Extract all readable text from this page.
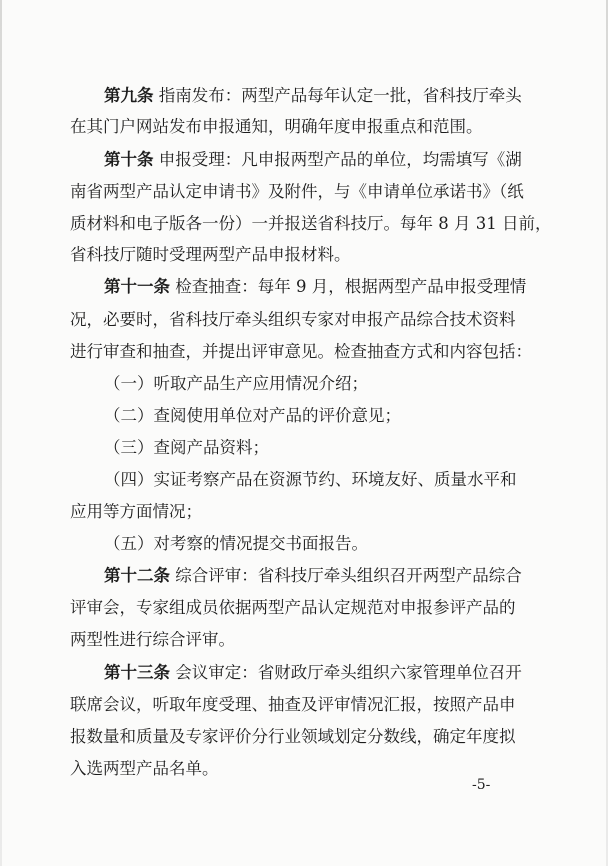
第九条 指南发布：两型产品每年认定一批，省科技厅牵头
在其门户网站发布申报通知，明确年度申报重点和范围。
第十条 申报受理：凡申报两型产品的单位，均需填写《湖
南省两型产品认定申请书》及附件，与《申请单位承诺书》（纸
质材料和电子版各一份）一并报送省科技厅。每年 8 月 31 日前，
省科技厅随时受理两型产品申报材料。
第十一条 检查抽查：每年 9 月，根据两型产品申报受理情
况，必要时，省科技厅牵头组织专家对申报产品综合技术资料
进行审查和抽查，并提出评审意见。检查抽查方式和内容包括：
（一）听取产品生产应用情况介绍；
（二）查阅使用单位对产品的评价意见；
（三）查阅产品资料；
（四）实证考察产品在资源节约、环境友好、质量水平和
应用等方面情况；
（五）对考察的情况提交书面报告。
第十二条 综合评审：省科技厅牵头组织召开两型产品综合
评审会，专家组成员依据两型产品认定规范对申报参评产品的
两型性进行综合评审。
第十三条 会议审定：省财政厅牵头组织六家管理单位召开
联席会议，听取年度受理、抽查及评审情况汇报，按照产品申
报数量和质量及专家评价分行业领域划定分数线，确定年度拟
入选两型产品名单。
-5-
